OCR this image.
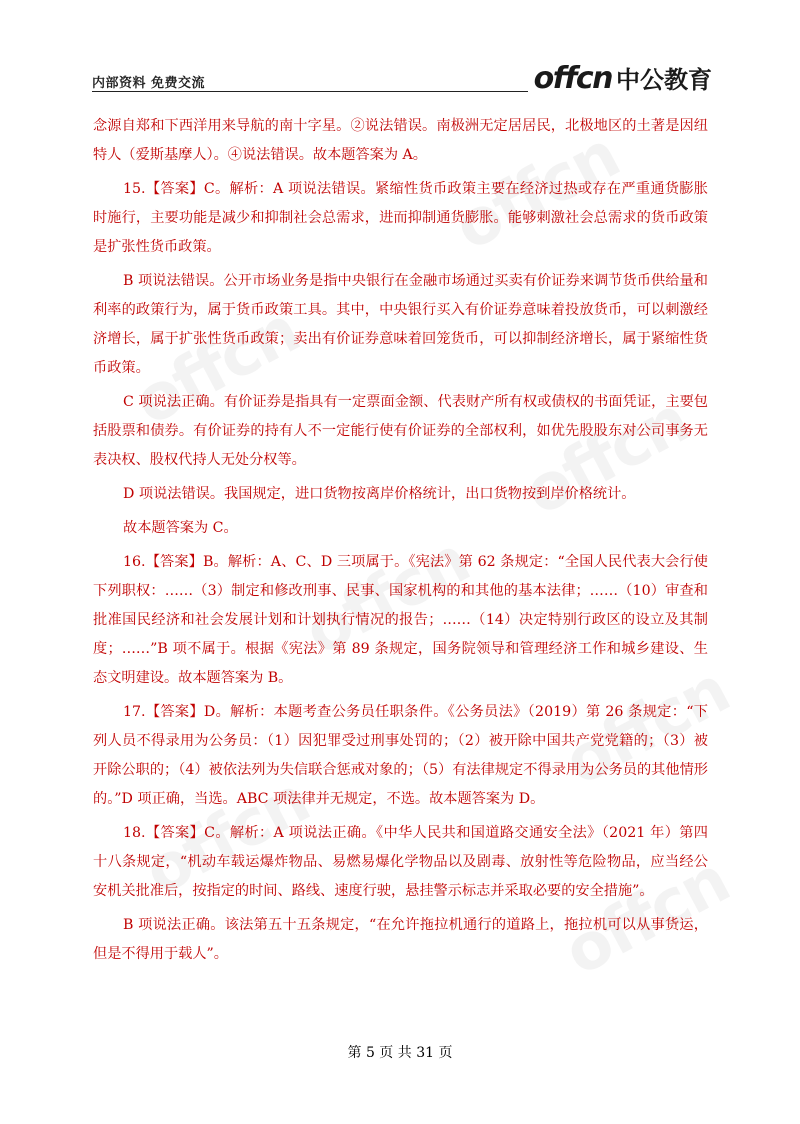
内部资料 免费交流	offcn 中公教育

念源自郑和下西洋用来导航的南十字星。②说法错误。南极洲无定居居民，北极地区的土著是因纽特人（爱斯基摩人）。④说法错误。故本题答案为 A。

15.【答案】C。解析：A 项说法错误。紧缩性货币政策主要在经济过热或存在严重通货膨胀时施行，主要功能是减少和抑制社会总需求，进而抑制通货膨胀。能够刺激社会总需求的货币政策是扩张性货币政策。

B 项说法错误。公开市场业务是指中央银行在金融市场通过买卖有价证券来调节货币供给量和利率的政策行为，属于货币政策工具。其中，中央银行买入有价证券意味着投放货币，可以刺激经济增长，属于扩张性货币政策；卖出有价证券意味着回笼货币，可以抑制经济增长，属于紧缩性货币政策。

C 项说法正确。有价证券是指具有一定票面金额、代表财产所有权或债权的书面凭证，主要包括股票和债券。有价证券的持有人不一定能行使有价证券的全部权利，如优先股股东对公司事务无表决权、股权代持人无处分权等。

D 项说法错误。我国规定，进口货物按离岸价格统计，出口货物按到岸价格统计。

故本题答案为 C。

16.【答案】B。解析：A、C、D 三项属于。《宪法》第 62 条规定：“全国人民代表大会行使下列职权：……（3）制定和修改刑事、民事、国家机构的和其他的基本法律；……（10）审查和批准国民经济和社会发展计划和计划执行情况的报告；……（14）决定特别行政区的设立及其制度；……”B 项不属于。根据《宪法》第 89 条规定，国务院领导和管理经济工作和城乡建设、生态文明建设。故本题答案为 B。

17.【答案】D。解析：本题考查公务员任职条件。《公务员法》（2019）第 26 条规定：“下列人员不得录用为公务员：（1）因犯罪受过刑事处罚的；（2）被开除中国共产党党籍的；（3）被开除公职的；（4）被依法列为失信联合惩戒对象的；（5）有法律规定不得录用为公务员的其他情形的。”D 项正确，当选。ABC 项法律并无规定，不选。故本题答案为 D。

18.【答案】C。解析：A 项说法正确。《中华人民共和国道路交通安全法》（2021 年）第四十八条规定，“机动车载运爆炸物品、易燃易爆化学物品以及剧毒、放射性等危险物品，应当经公安机关批准后，按指定的时间、路线、速度行驶，悬挂警示标志并采取必要的安全措施”。

B 项说法正确。该法第五十五条规定，“在允许拖拉机通行的道路上，拖拉机可以从事货运，但是不得用于载人”。

第 5 页 共 31 页
